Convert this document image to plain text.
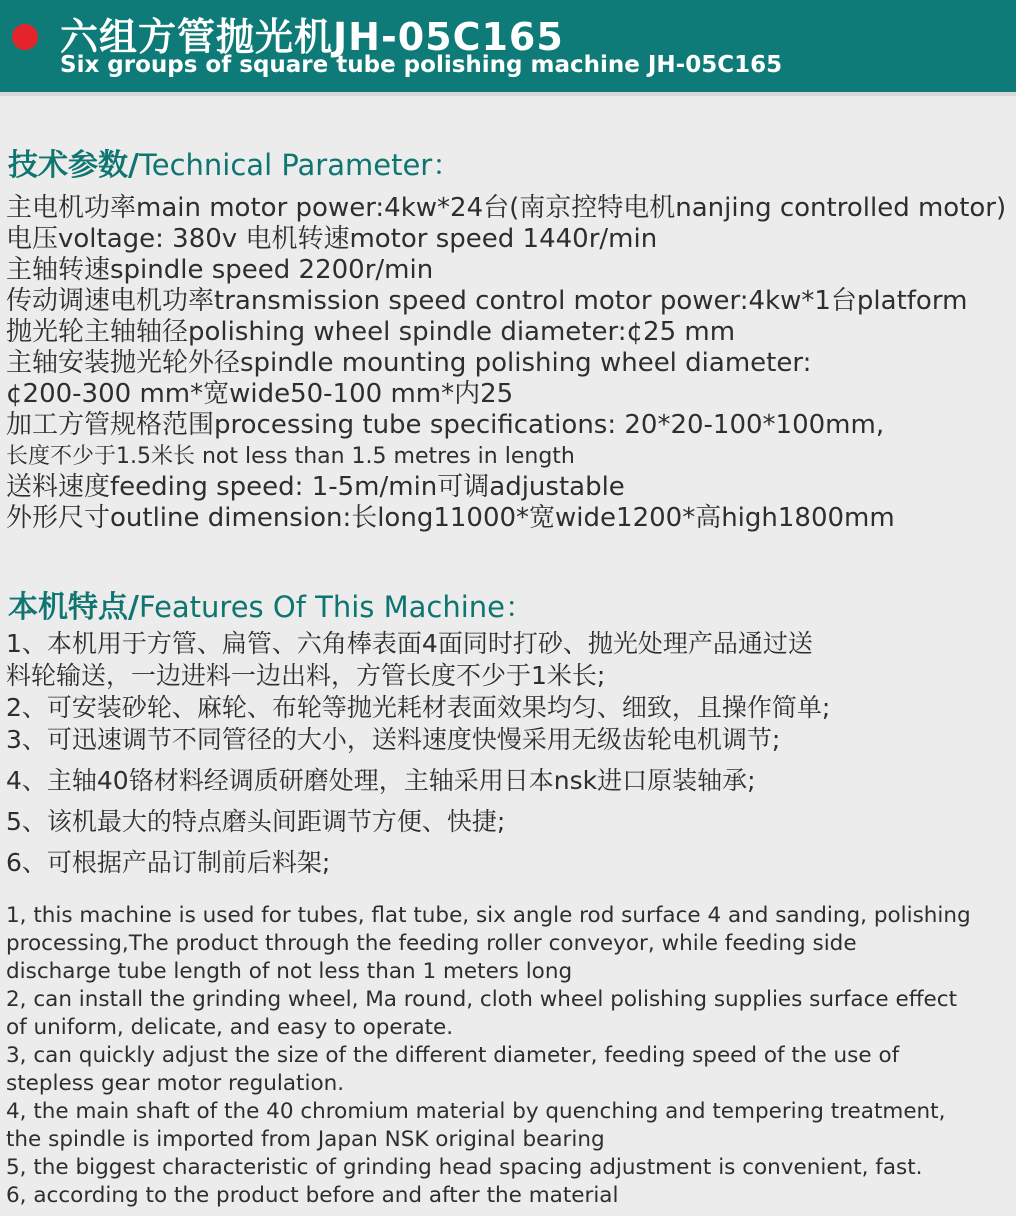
六组方管抛光机JH-05C165
Six groups of square tube polishing machine JH-05C165
技术参数/Technical Parameter：
主电机功率main motor power:4kw*24台(南京控特电机nanjing controlled motor)
电压voltage: 380v 电机转速motor speed 1440r/min
主轴转速spindle speed 2200r/min
传动调速电机功率transmission speed control motor power:4kw*1台platform
抛光轮主轴轴径polishing wheel spindle diameter:¢25 mm
主轴安装抛光轮外径spindle mounting polishing wheel diameter:
¢200-300 mm*宽wide50-100 mm*内25
加工方管规格范围processing tube specifications: 20*20-100*100mm,
长度不少于1.5米长 not less than 1.5 metres in length
送料速度feeding speed: 1-5m/min可调adjustable
外形尺寸outline dimension:长long11000*宽wide1200*高high1800mm
本机特点/Features Of This Machine：
1、本机用于方管、扁管、六角棒表面4面同时打砂、抛光处理产品通过送
料轮输送，一边进料一边出料，方管长度不少于1米长;
2、可安装砂轮、麻轮、布轮等抛光耗材表面效果均匀、细致，且操作简单;
3、可迅速调节不同管径的大小，送料速度快慢采用无级齿轮电机调节;
4、主轴40铬材料经调质研磨处理，主轴采用日本nsk进口原装轴承;
5、该机最大的特点磨头间距调节方便、快捷;
6、可根据产品订制前后料架;
1, this machine is used for tubes, flat tube, six angle rod surface 4 and sanding, polishing
processing,The product through the feeding roller conveyor, while feeding side
discharge tube length of not less than 1 meters long
2, can install the grinding wheel, Ma round, cloth wheel polishing supplies surface effect
of uniform, delicate, and easy to operate.
3, can quickly adjust the size of the different diameter, feeding speed of the use of
stepless gear motor regulation.
4, the main shaft of the 40 chromium material by quenching and tempering treatment,
the spindle is imported from Japan NSK original bearing
5, the biggest characteristic of grinding head spacing adjustment is convenient, fast.
6, according to the product before and after the material
